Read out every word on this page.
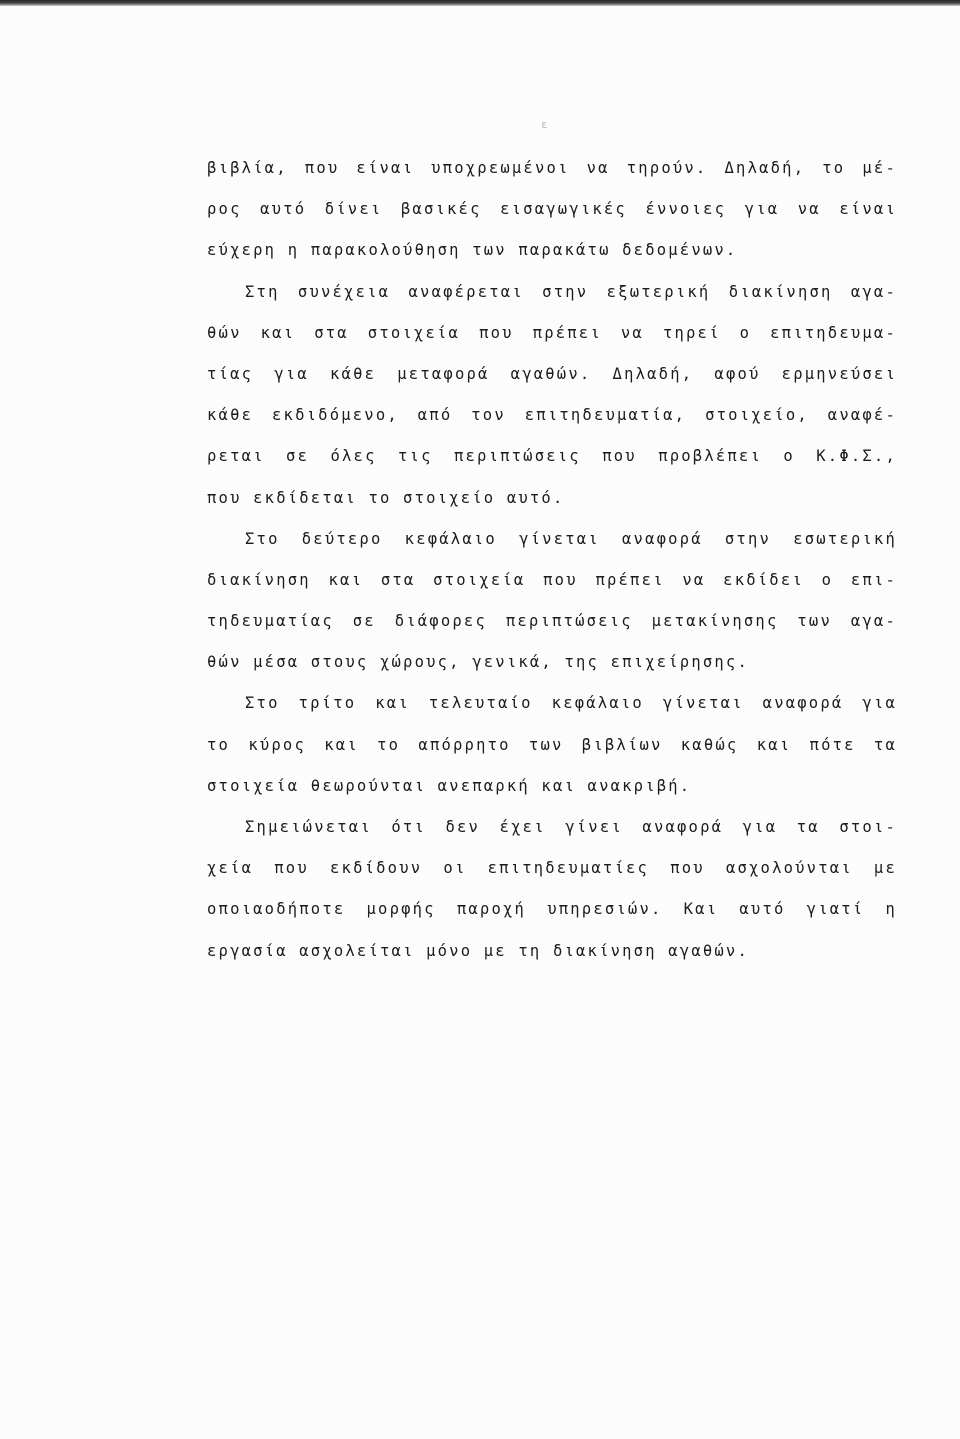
ε
βιβλία, που είναι υποχρεωμένοι να τηρούν. Δηλαδή, το μέ-
ρος αυτό δίνει βασικές εισαγωγικές έννοιες για να είναι
εύχερη η παρακολούθηση των παρακάτω δεδομένων.
Στη συνέχεια αναφέρεται στην εξωτερική διακίνηση αγα-
θών και στα στοιχεία που πρέπει να τηρεί ο επιτηδευμα-
τίας για κάθε μεταφορά αγαθών. Δηλαδή, αφού ερμηνεύσει
κάθε εκδιδόμενο, από τον επιτηδευματία, στοιχείο, αναφέ-
ρεται σε όλες τις περιπτώσεις που προβλέπει ο Κ.Φ.Σ.,
που εκδίδεται το στοιχείο αυτό.
Στο δεύτερο κεφάλαιο γίνεται αναφορά στην εσωτερική
διακίνηση και στα στοιχεία που πρέπει να εκδίδει ο επι-
τηδευματίας σε διάφορες περιπτώσεις μετακίνησης των αγα-
θών μέσα στους χώρους, γενικά, της επιχείρησης.
Στο τρίτο και τελευταίο κεφάλαιο γίνεται αναφορά για
το κύρος και το απόρρητο των βιβλίων καθώς και πότε τα
στοιχεία θεωρούνται ανεπαρκή και ανακριβή.
Σημειώνεται ότι δεν έχει γίνει αναφορά για τα στοι-
χεία που εκδίδουν οι επιτηδευματίες που ασχολούνται με
οποιαοδήποτε μορφής παροχή υπηρεσιών. Και αυτό γιατί η
εργασία ασχολείται μόνο με τη διακίνηση αγαθών.
